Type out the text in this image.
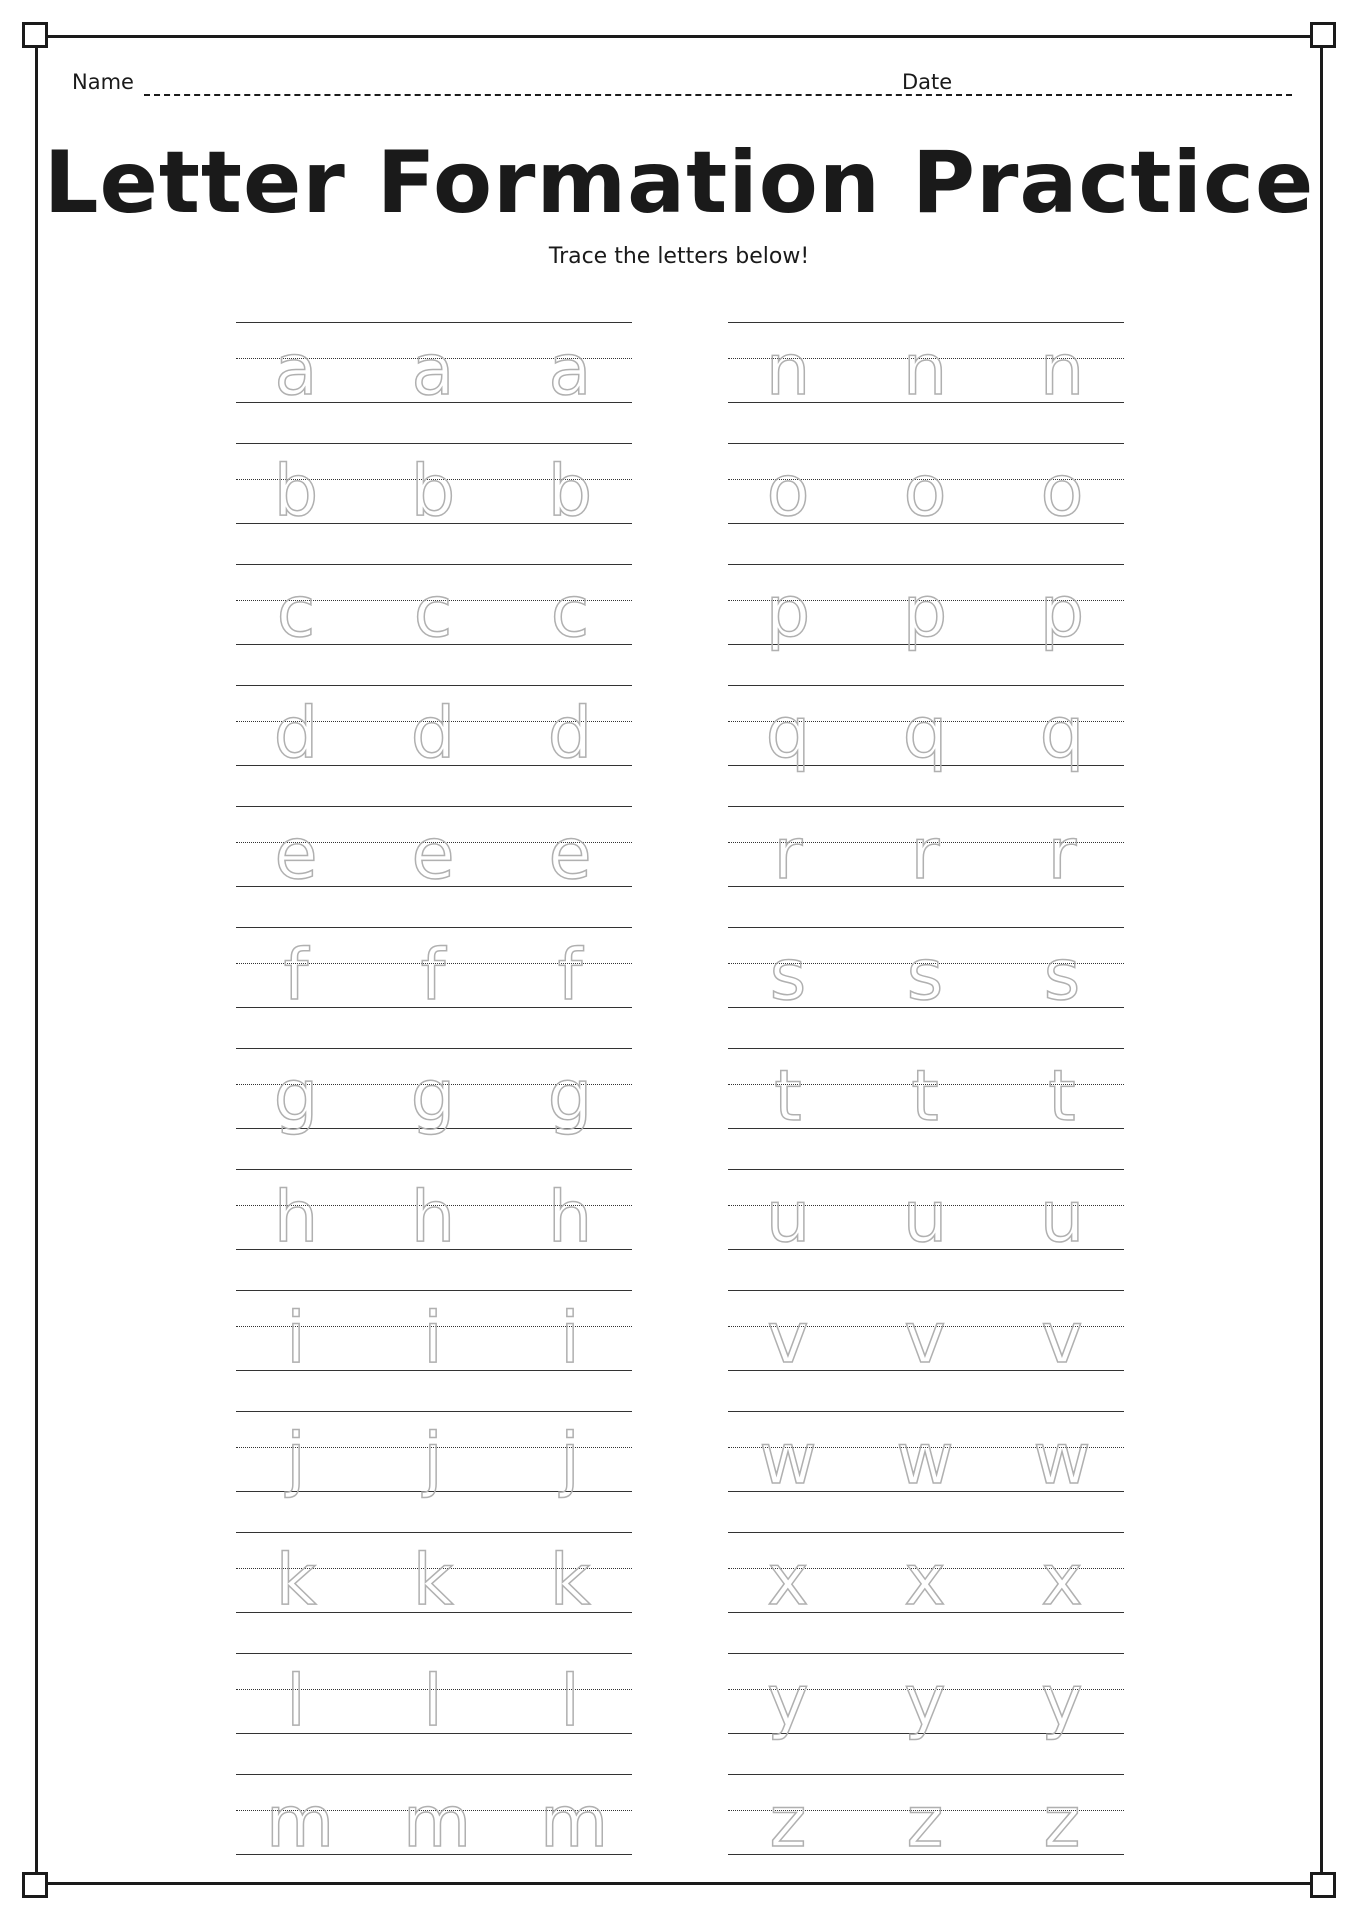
Name	Date
Letter Formation Practice
Trace the letters below!
a a a
b b b
c c c
d d d
e e e
f f f
g g g
h h h
i i i
j j j
k k k
l l l
m m m
n n n
o o o
p p p
q q q
r r r
s s s
t t t
u u u
v v v
w w w
x x x
y y y
z z z
